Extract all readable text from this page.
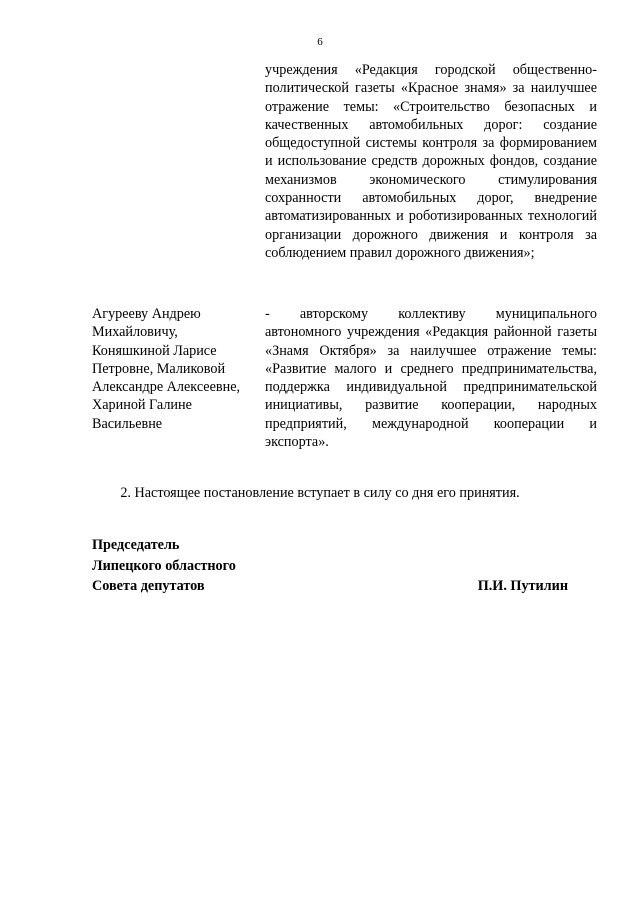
6
учреждения «Редакция городской общественно-политической газеты «Красное знамя» за наилучшее отражение темы: «Строительство безопасных и качественных автомобильных дорог: создание общедоступной системы контроля за формированием и использование средств дорожных фондов, создание механизмов экономического стимулирования сохранности автомобильных дорог, внедрение автоматизированных и роботизированных технологий организации дорожного движения и контроля за соблюдением правил дорожного движения»;
Агурееву Андрею
Михайловичу,
Коняшкиной Ларисе
Петровне, Маликовой
Александре Алексеевне,
Хариной Галине
Васильевне
- авторскому коллективу муниципального автономного учреждения «Редакция районной газеты «Знамя Октября» за наилучшее отражение темы: «Развитие малого и среднего предпринимательства, поддержка индивидуальной предпринимательской инициативы, развитие кооперации, народных предприятий, международной кооперации и экспорта».
2. Настоящее постановление вступает в силу со дня его принятия.
Председатель
Липецкого областного
Совета депутатов	П.И. Путилин
